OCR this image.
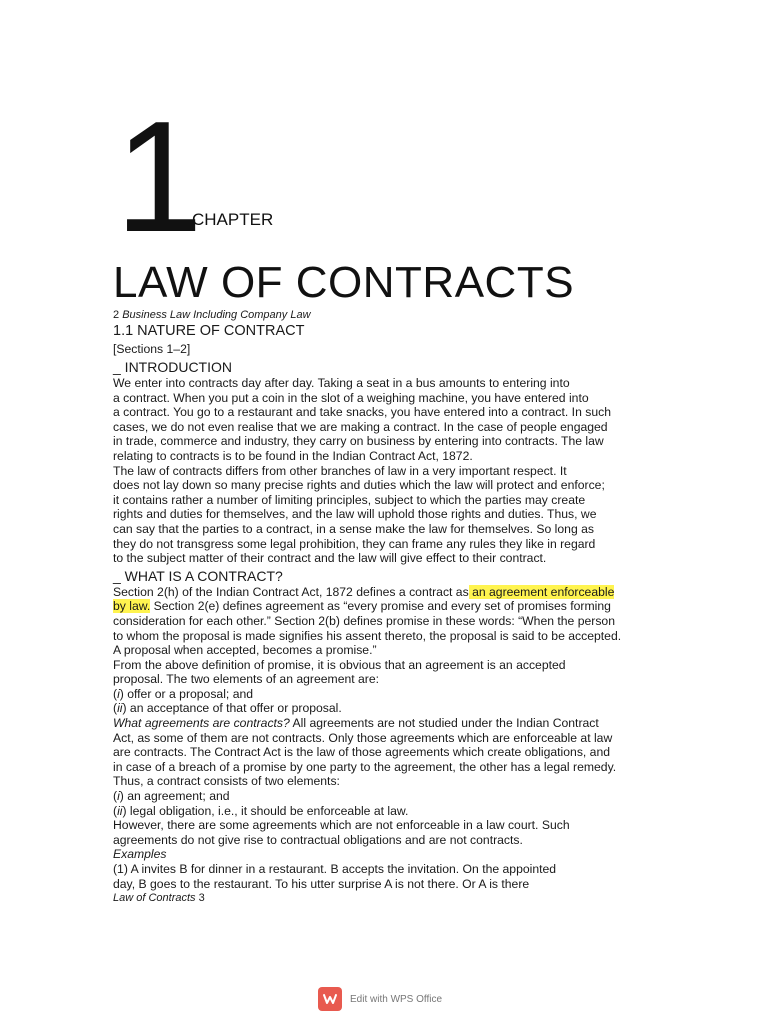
1
CHAPTER
LAW OF CONTRACTS
2 Business Law Including Company Law
1.1 NATURE OF CONTRACT
[Sections 1–2]
_ INTRODUCTION
We enter into contracts day after day. Taking a seat in a bus amounts to entering into
a contract. When you put a coin in the slot of a weighing machine, you have entered into
a contract. You go to a restaurant and take snacks, you have entered into a contract. In such
cases, we do not even realise that we are making a contract. In the case of people engaged
in trade, commerce and industry, they carry on business by entering into contracts. The law
relating to contracts is to be found in the Indian Contract Act, 1872.
The law of contracts differs from other branches of law in a very important respect. It
does not lay down so many precise rights and duties which the law will protect and enforce;
it contains rather a number of limiting principles, subject to which the parties may create
rights and duties for themselves, and the law will uphold those rights and duties. Thus, we
can say that the parties to a contract, in a sense make the law for themselves. So long as
they do not transgress some legal prohibition, they can frame any rules they like in regard
to the subject matter of their contract and the law will give effect to their contract.
_ WHAT IS A CONTRACT?
Section 2(h) of the Indian Contract Act, 1872 defines a contract as an agreement enforceable
by law. Section 2(e) defines agreement as “every promise and every set of promises forming
consideration for each other.” Section 2(b) defines promise in these words: “When the person
to whom the proposal is made signifies his assent thereto, the proposal is said to be accepted.
A proposal when accepted, becomes a promise.”
From the above definition of promise, it is obvious that an agreement is an accepted
proposal. The two elements of an agreement are:
(i) offer or a proposal; and
(ii) an acceptance of that offer or proposal.
What agreements are contracts? All agreements are not studied under the Indian Contract
Act, as some of them are not contracts. Only those agreements which are enforceable at law
are contracts. The Contract Act is the law of those agreements which create obligations, and
in case of a breach of a promise by one party to the agreement, the other has a legal remedy.
Thus, a contract consists of two elements:
(i) an agreement; and
(ii) legal obligation, i.e., it should be enforceable at law.
However, there are some agreements which are not enforceable in a law court. Such
agreements do not give rise to contractual obligations and are not contracts.
Examples
(1) A invites B for dinner in a restaurant. B accepts the invitation. On the appointed
day, B goes to the restaurant. To his utter surprise A is not there. Or A is there
Law of Contracts 3
Edit with WPS Office
